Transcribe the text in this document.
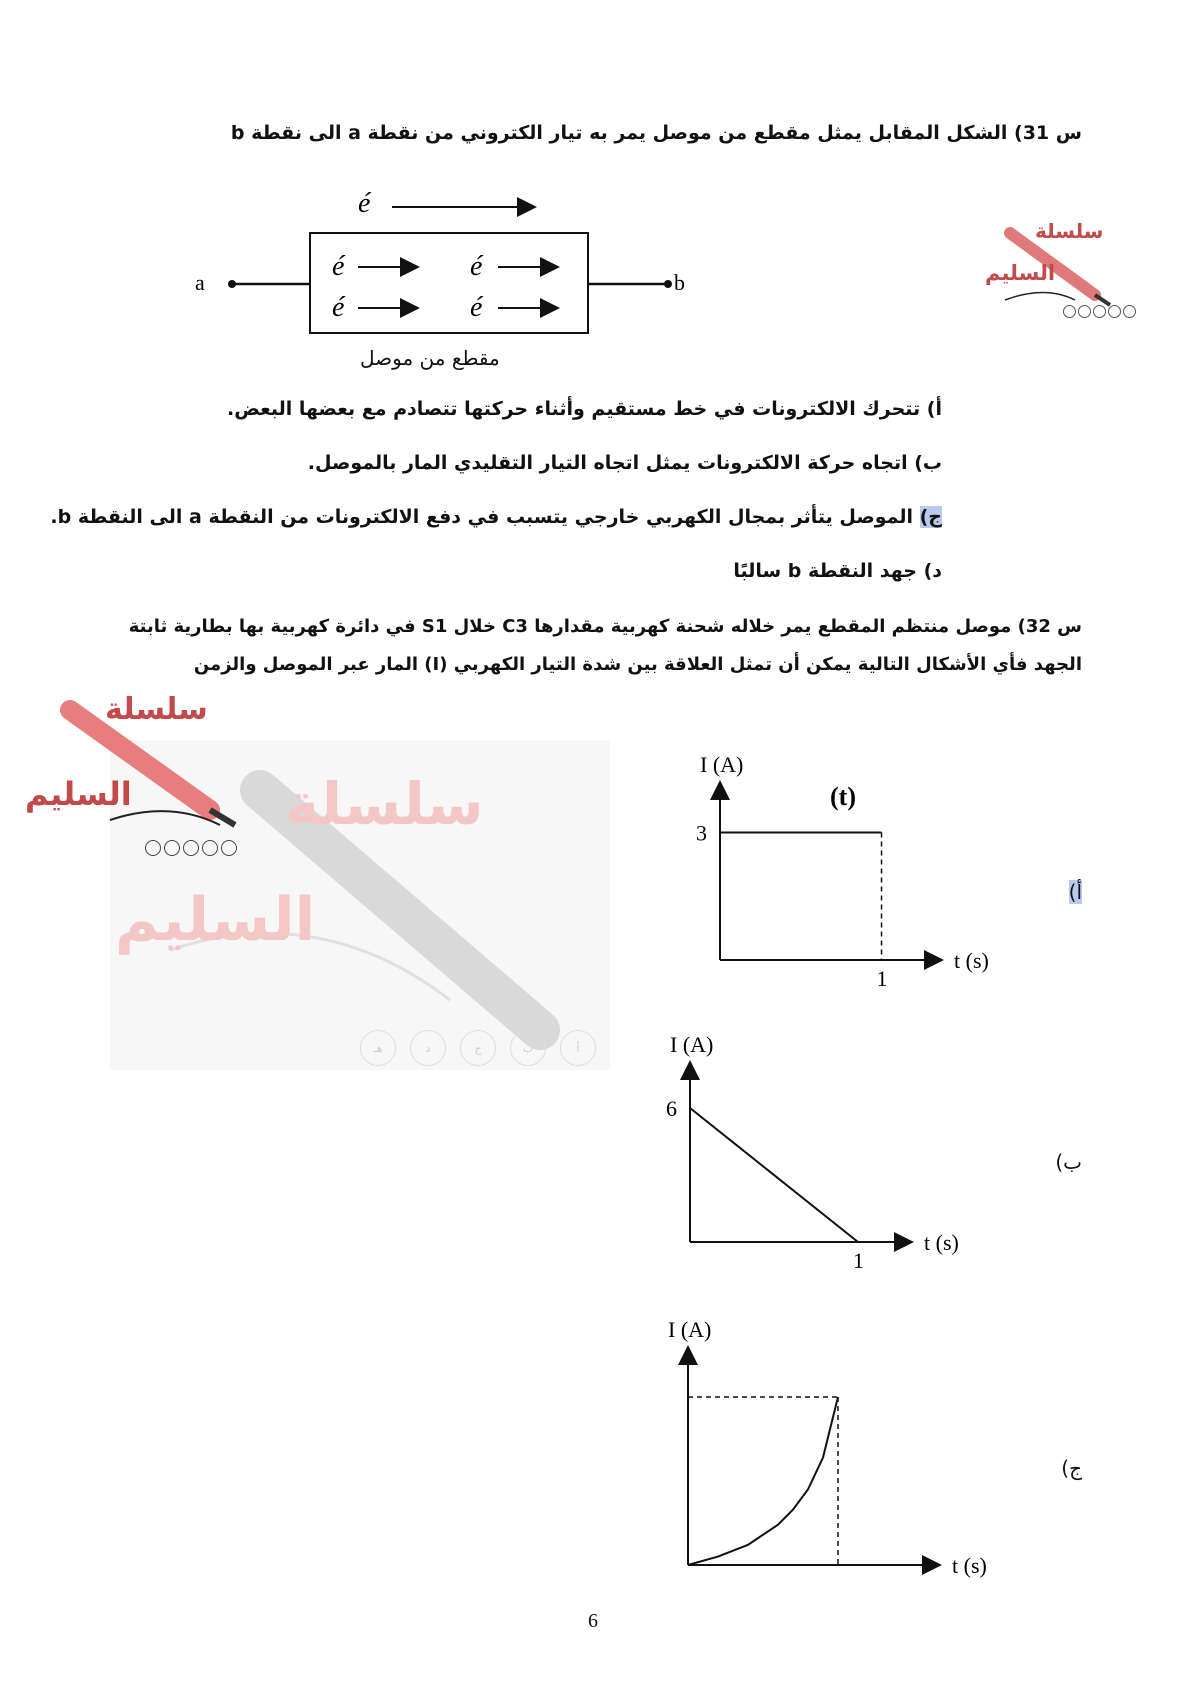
س 31) الشكل المقابل يمثل مقطع من موصل يمر به تيار الكتروني من نقطة a الى نقطة b
é
a	b
é	é
é	é
مقطع من موصل
سلسلة
السليم
أ) تتحرك الالكترونات في خط مستقيم وأثناء حركتها تتصادم مع بعضها البعض.
ب) اتجاه حركة الالكترونات يمثل اتجاه التيار التقليدي المار بالموصل.
ج) الموصل يتأثر بمجال الكهربي خارجي يتسبب في دفع الالكترونات من النقطة a الى النقطة b.
د) جهد النقطة b سالبًا
س 32) موصل منتظم المقطع يمر خلاله شحنة كهربية مقدارها C3 خلال S1 في دائرة كهربية بها بطارية ثابتة
الجهد فأي الأشكال التالية يمكن أن تمثل العلاقة بين شدة التيار الكهربي (I) المار عبر الموصل والزمن
سلسلة
السليم
سلسلة
السليم
أ
ب
ج
د
هـ
أ)
ب)
ج)
I (A)
t (s)
(t)
1
3
I (A)
t (s)
1
6
I (A)
t (s)
6
